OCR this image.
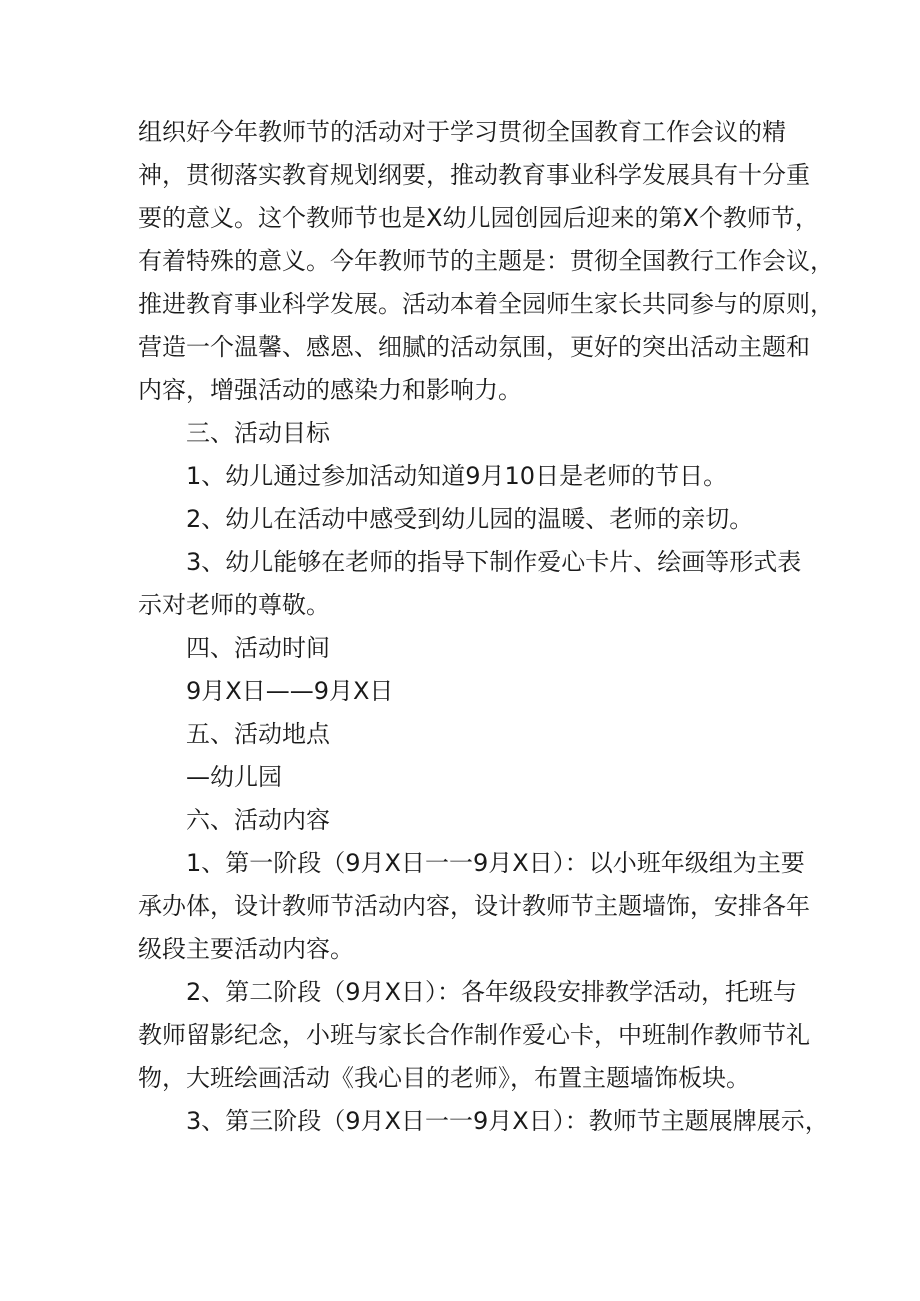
组织好今年教师节的活动对于学习贯彻全国教育工作会议的精
神，贯彻落实教育规划纲要，推动教育事业科学发展具有十分重
要的意义。这个教师节也是X幼儿园创园后迎来的第X个教师节，
有着特殊的意义。今年教师节的主题是：贯彻全国教行工作会议，
推进教育事业科学发展。活动本着全园师生家长共同参与的原则，
营造一个温馨、感恩、细腻的活动氛围，更好的突出活动主题和
内容，增强活动的感染力和影响力。
三、活动目标
1、幼儿通过参加活动知道9月10日是老师的节日。
2、幼儿在活动中感受到幼儿园的温暖、老师的亲切。
3、幼儿能够在老师的指导下制作爱心卡片、绘画等形式表
示对老师的尊敬。
四、活动时间
9月X日——9月X日
五、活动地点
—幼儿园
六、活动内容
1、第一阶段（9月X日一一9月X日）：以小班年级组为主要
承办体，设计教师节活动内容，设计教师节主题墙饰，安排各年
级段主要活动内容。
2、第二阶段（9月X日）：各年级段安排教学活动，托班与
教师留影纪念，小班与家长合作制作爱心卡，中班制作教师节礼
物，大班绘画活动《我心目的老师》，布置主题墙饰板块。
3、第三阶段（9月X日一一9月X日）：教师节主题展牌展示，
